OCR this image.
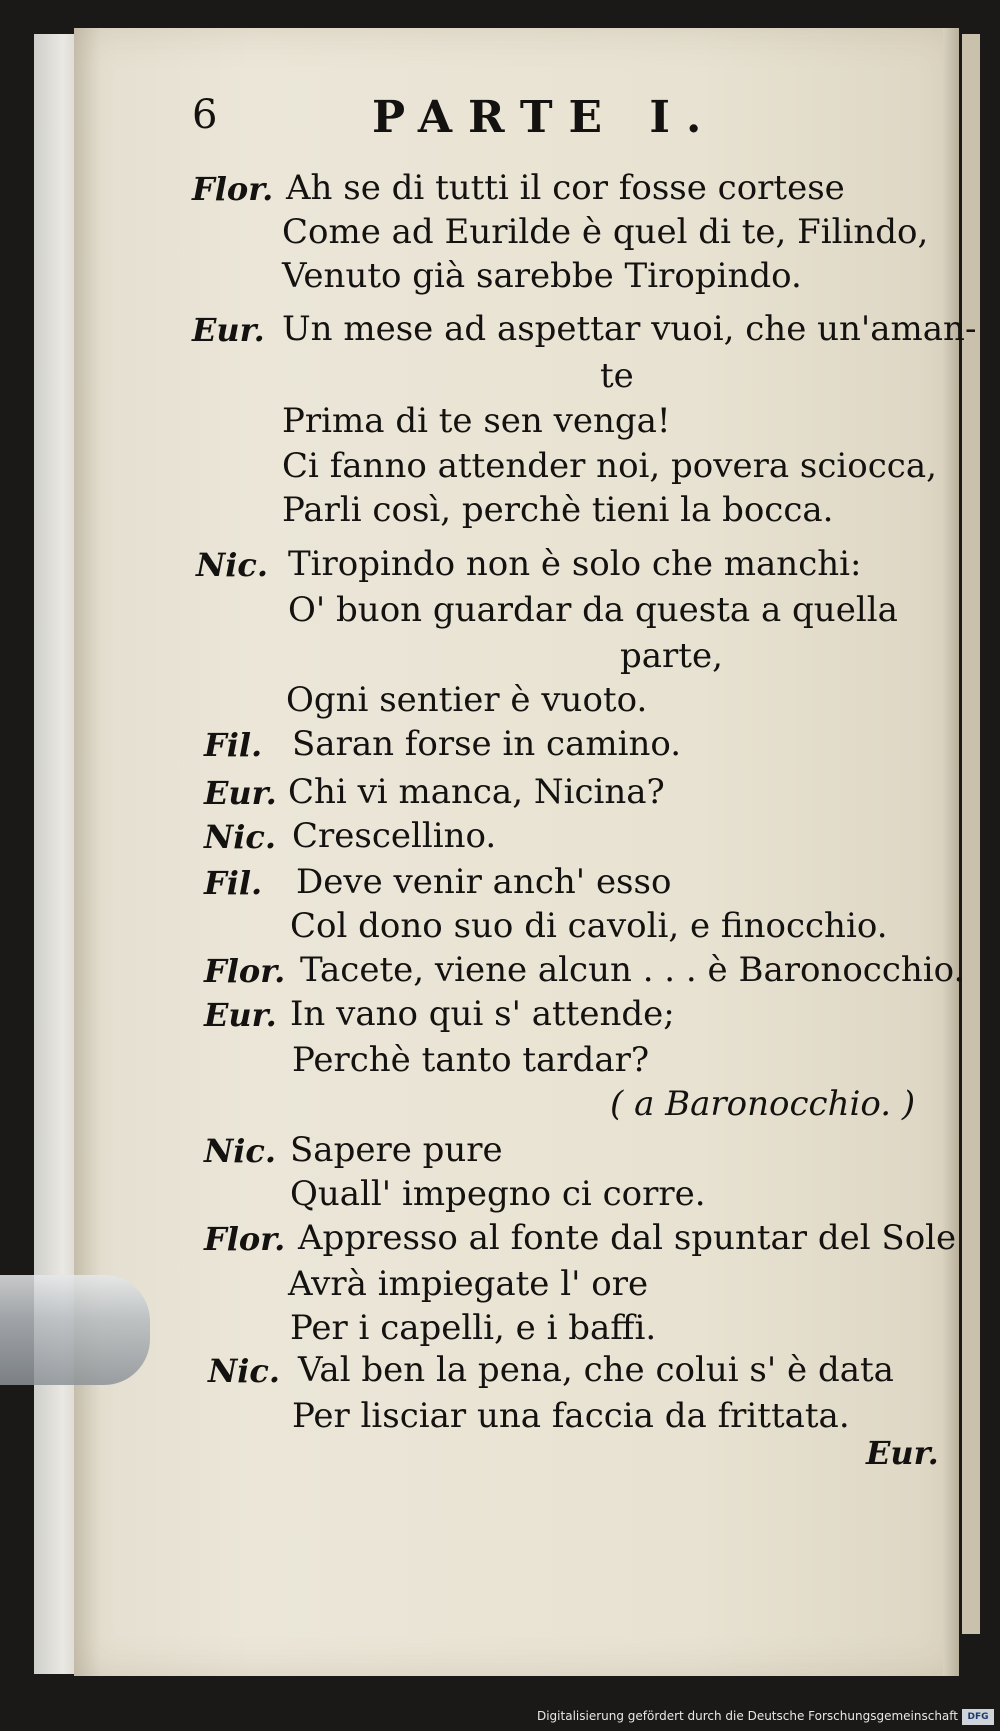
6	PARTE I.
Flor. Ah se di tutti il cor fosse cortese
Come ad Eurilde è quel di te, Filindo,
Venuto già sarebbe Tiropindo.
Eur. Un mese ad aspettar vuoi, che un'aman-
te
Prima di te sen venga!
Ci fanno attender noi, povera sciocca,
Parli così, perchè tieni la bocca.
Nic. Tiropindo non è solo che manchi:
O' buon guardar da questa a quella
parte,
Ogni sentier è vuoto.
Fil. Saran forse in camino.
Eur. Chi vi manca, Nicina?
Nic. Crescellino.
Fil. Deve venir anch' esso
Col dono suo di cavoli, e finocchio.
Flor. Tacete, viene alcun . . . è Baronocchio.
Eur. In vano qui s' attende;
Perchè tanto tardar?
( a Baronocchio. )
Nic. Sapere pure
Quall' impegno ci corre.
Flor. Appresso al fonte dal spuntar del Sole
Avrà impiegate l' ore
Per i capelli, e i baffi.
Nic. Val ben la pena, che colui s' è data
Per lisciar una faccia da frittata.
Eur.
Digitalisierung gefördert durch die Deutsche Forschungsgemeinschaft	DFG
